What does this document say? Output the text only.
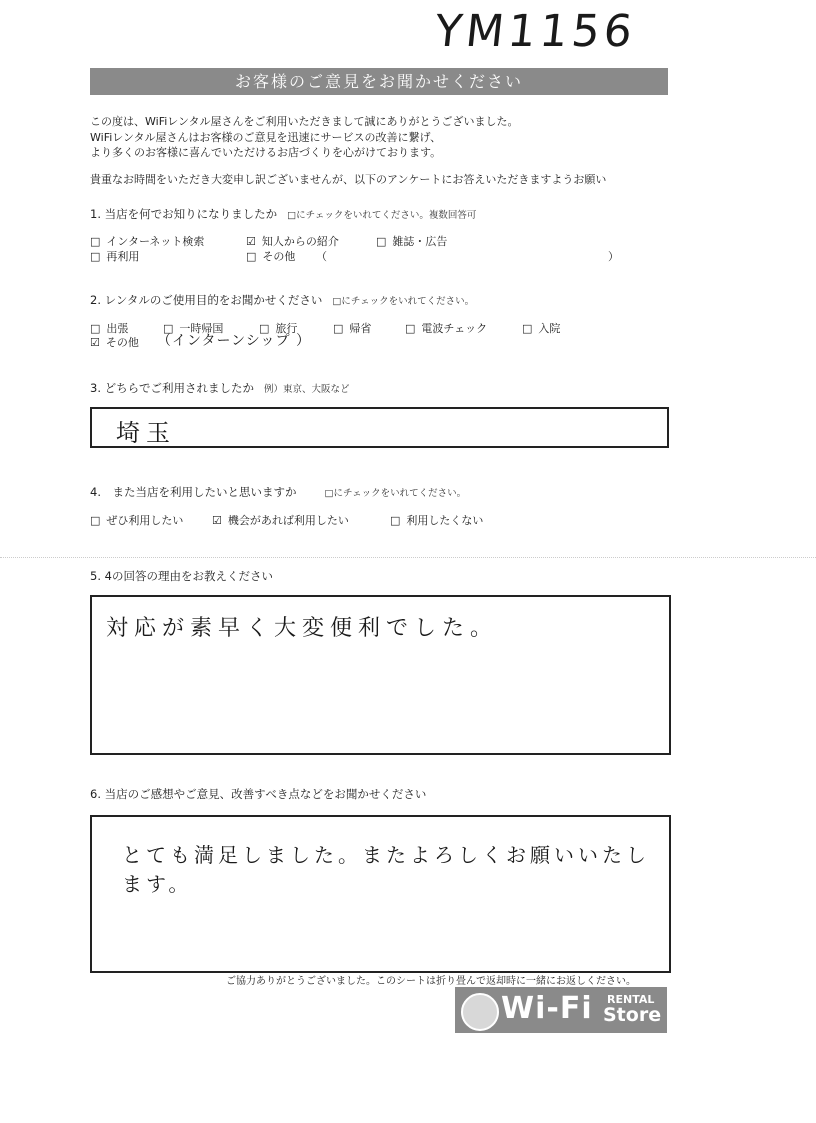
YM1156
お客様のご意見をお聞かせください
この度は、WiFiレンタル屋さんをご利用いただきまして誠にありがとうございました。
WiFiレンタル屋さんはお客様のご意見を迅速にサービスの改善に繋げ、
より多くのお客様に喜んでいただけるお店づくりを心がけております。
貴重なお時間をいただき大変申し訳ございませんが、以下のアンケートにお答えいただきますようお願い
1. 当店を何でお知りになりましたか □にチェックをいれてください。複数回答可
□ インターネット検索	☑ 知人からの紹介	□ 雑誌・広告
□ 再利用	□ その他 （	）
2. レンタルのご使用目的をお聞かせください □にチェックをいれてください。
□ 出張	□ 一時帰国	□ 旅行	□ 帰省	□ 電波チェック	□ 入院
☑ その他 （インターンシップ ）
3. どちらでご利用されましたか 例）東京、大阪など
埼玉
4.　また当店を利用したいと思いますか	□にチェックをいれてください。
□ ぜひ利用したい	☑ 機会があれば利用したい	□ 利用したくない
5. 4の回答の理由をお教えください
対応が素早く大変便利でした。
6. 当店のご感想やご意見、改善すべき点などをお聞かせください
とても満足しました。またよろしくお願いいたします。
ご協力ありがとうございました。このシートは折り畳んで返却時に一緒にお返しください。
Wi-Fi RENTAL
Store
